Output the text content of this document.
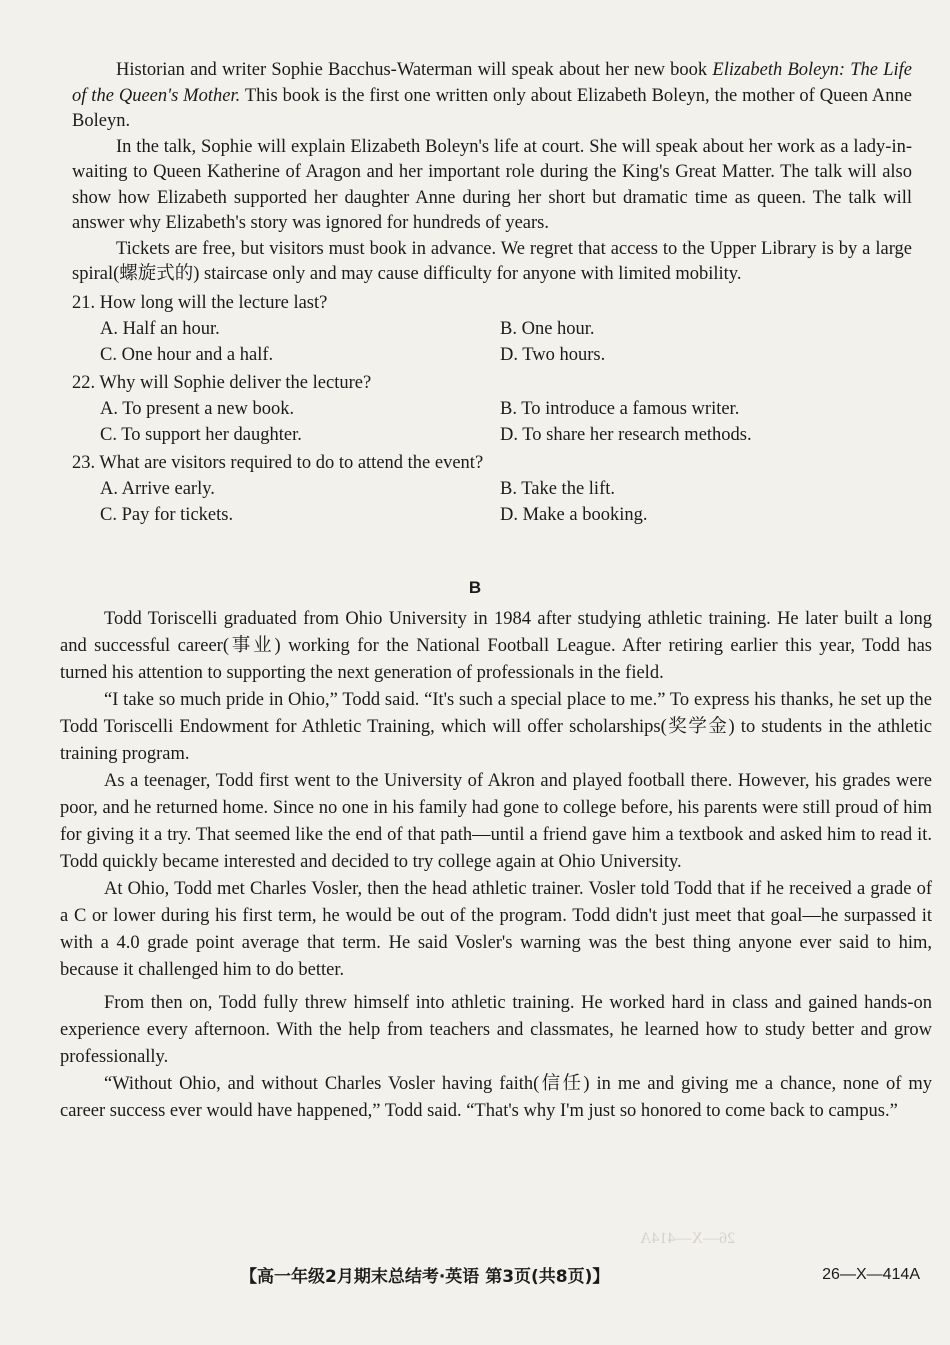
26—X—414A

Historian and writer Sophie Bacchus-Waterman will speak about her new book Elizabeth Boleyn: The Life of the Queen's Mother. This book is the first one written only about Elizabeth Boleyn, the mother of Queen Anne Boleyn.

In the talk, Sophie will explain Elizabeth Boleyn's life at court. She will speak about her work as a lady-in-waiting to Queen Katherine of Aragon and her important role during the King's Great Matter. The talk will also show how Elizabeth supported her daughter Anne during her short but dramatic time as queen. The talk will answer why Elizabeth's story was ignored for hundreds of years.

Tickets are free, but visitors must book in advance. We regret that access to the Upper Library is by a large spiral(螺旋式的) staircase only and may cause difficulty for anyone with limited mobility.

21. How long will the lecture last?
A. Half an hour.	B. One hour.
C. One hour and a half.	D. Two hours.
22. Why will Sophie deliver the lecture?
A. To present a new book.	B. To introduce a famous writer.
C. To support her daughter.	D. To share her research methods.
23. What are visitors required to do to attend the event?
A. Arrive early.	B. Take the lift.
C. Pay for tickets.	D. Make a booking.
B

Todd Toriscelli graduated from Ohio University in 1984 after studying athletic training. He later built a long and successful career(事业) working for the National Football League. After retiring earlier this year, Todd has turned his attention to supporting the next generation of professionals in the field.

“I take so much pride in Ohio,” Todd said. “It's such a special place to me.” To express his thanks, he set up the Todd Toriscelli Endowment for Athletic Training, which will offer scholarships(奖学金) to students in the athletic training program.

As a teenager, Todd first went to the University of Akron and played football there. However, his grades were poor, and he returned home. Since no one in his family had gone to college before, his parents were still proud of him for giving it a try. That seemed like the end of that path—until a friend gave him a textbook and asked him to read it. Todd quickly became interested and decided to try college again at Ohio University.

At Ohio, Todd met Charles Vosler, then the head athletic trainer. Vosler told Todd that if he received a grade of a C or lower during his first term, he would be out of the program. Todd didn't just meet that goal—he surpassed it with a 4.0 grade point average that term. He said Vosler's warning was the best thing anyone ever said to him, because it challenged him to do better.

From then on, Todd fully threw himself into athletic training. He worked hard in class and gained hands-on experience every afternoon. With the help from teachers and classmates, he learned how to study better and grow professionally.

“Without Ohio, and without Charles Vosler having faith(信任) in me and giving me a chance, none of my career success ever would have happened,” Todd said. “That's why I'm just so honored to come back to campus.”

【高一年级2月期末总结考·英语 第3页(共8页)】	26—X—414A
